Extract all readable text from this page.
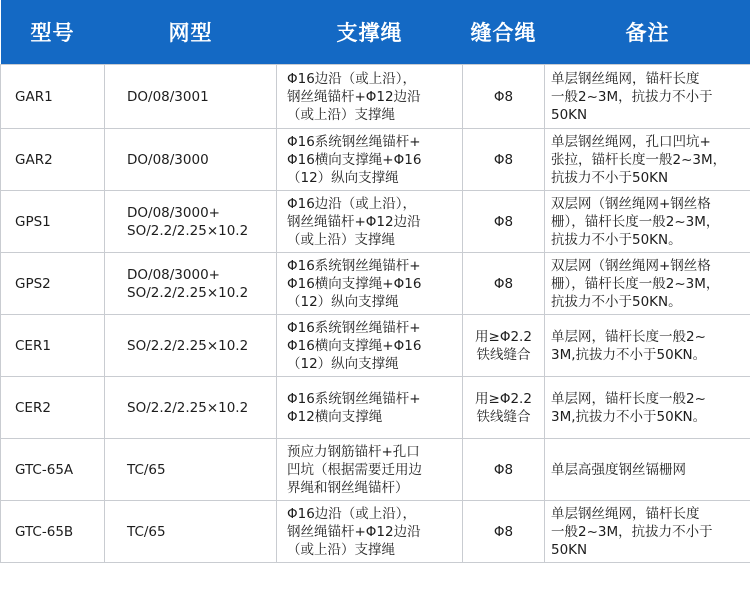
型号	网型	支撑绳	缝合绳	备注
GAR1	DO/08/3001	Φ16边沿（或上沿），
钢丝绳锚杆+Φ12边沿
（或上沿）支撑绳	Φ8	单层钢丝绳网，锚杆长度
一般2~3M，抗拔力不小于
50KN

GAR2	DO/08/3000	Φ16系统钢丝绳锚杆+
Φ16横向支撑绳+Φ16
（12）纵向支撑绳	Φ8	单层钢丝绳网，孔口凹坑+
张拉，锚杆长度一般2~3M，
抗拔力不小于50KN

GPS1	DO/08/3000+
SO/2.2/2.25×10.2	Φ16边沿（或上沿），
钢丝绳锚杆+Φ12边沿
（或上沿）支撑绳	Φ8	双层网（钢丝绳网+钢丝格
栅），锚杆长度一般2~3M，
抗拔力不小于50KN。

GPS2	DO/08/3000+
SO/2.2/2.25×10.2	Φ16系统钢丝绳锚杆+
Φ16横向支撑绳+Φ16
（12）纵向支撑绳	Φ8	双层网（钢丝绳网+钢丝格
栅），锚杆长度一般2~3M，
抗拔力不小于50KN。

CER1	SO/2.2/2.25×10.2	Φ16系统钢丝绳锚杆+
Φ16横向支撑绳+Φ16
（12）纵向支撑绳	用≥Φ2.2
铁线缝合	单层网，锚杆长度一般2~
3M,抗拔力不小于50KN。

CER2	SO/2.2/2.25×10.2	Φ16系统钢丝绳锚杆+
Φ12横向支撑绳	用≥Φ2.2
铁线缝合	单层网，锚杆长度一般2~
3M,抗拔力不小于50KN。

GTC-65A	TC/65	预应力钢筋锚杆+孔口
凹坑（根据需要迁用边
界绳和钢丝绳锚杆）	Φ8	单层高强度钢丝镉栅网

GTC-65B	TC/65	Φ16边沿（或上沿），
钢丝绳锚杆+Φ12边沿
（或上沿）支撑绳	Φ8	单层钢丝绳网，锚杆长度
一般2~3M，抗拔力不小于
50KN
